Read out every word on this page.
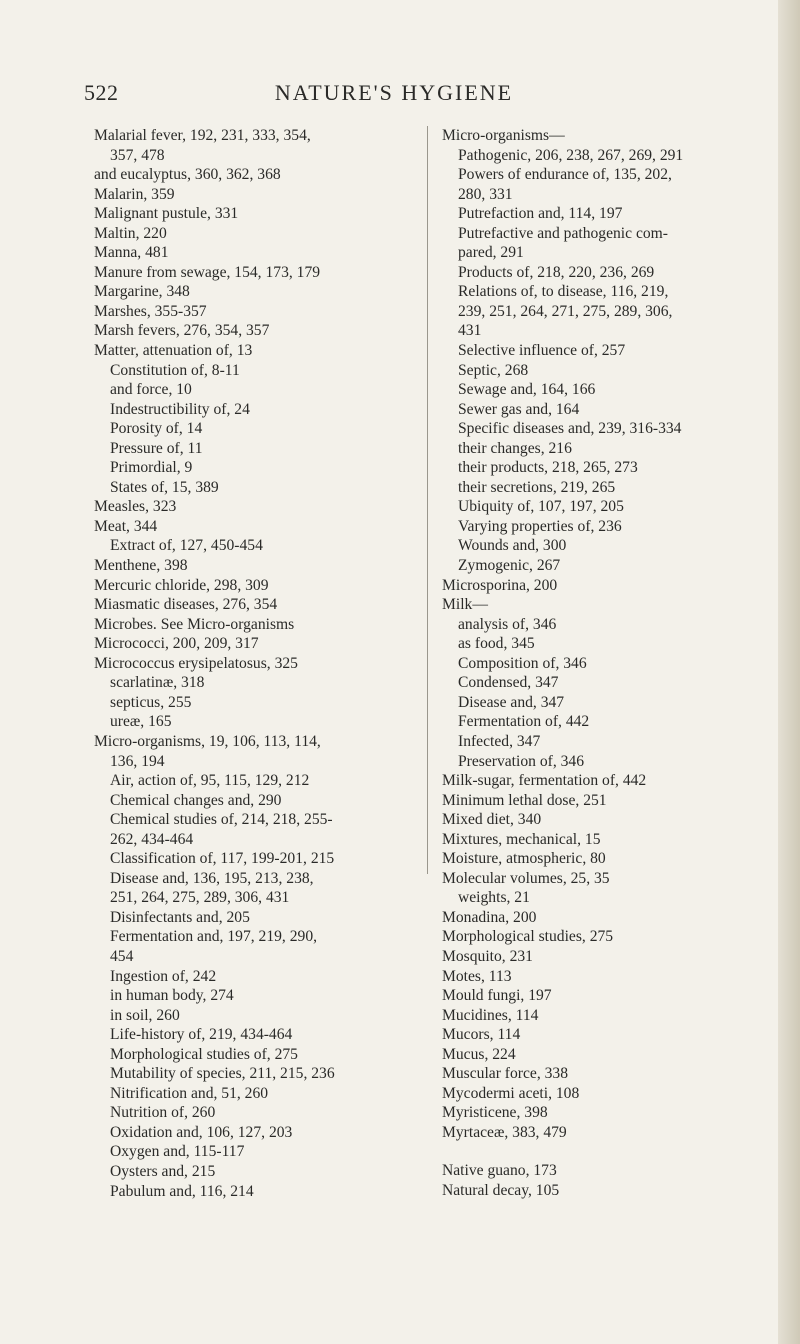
522	NATURE'S HYGIENE
Malarial fever, 192, 231, 333, 354,
357, 478
and eucalyptus, 360, 362, 368
Malarin, 359
Malignant pustule, 331
Maltin, 220
Manna, 481
Manure from sewage, 154, 173, 179
Margarine, 348
Marshes, 355-357
Marsh fevers, 276, 354, 357
Matter, attenuation of, 13
Constitution of, 8-11
and force, 10
Indestructibility of, 24
Porosity of, 14
Pressure of, 11
Primordial, 9
States of, 15, 389
Measles, 323
Meat, 344
Extract of, 127, 450-454
Menthene, 398
Mercuric chloride, 298, 309
Miasmatic diseases, 276, 354
Microbes. See Micro-organisms
Micrococci, 200, 209, 317
Micrococcus erysipelatosus, 325
scarlatinæ, 318
septicus, 255
ureæ, 165
Micro-organisms, 19, 106, 113, 114,
136, 194
Air, action of, 95, 115, 129, 212
Chemical changes and, 290
Chemical studies of, 214, 218, 255-
262, 434-464
Classification of, 117, 199-201, 215
Disease and, 136, 195, 213, 238,
251, 264, 275, 289, 306, 431
Disinfectants and, 205
Fermentation and, 197, 219, 290,
454
Ingestion of, 242
in human body, 274
in soil, 260
Life-history of, 219, 434-464
Morphological studies of, 275
Mutability of species, 211, 215, 236
Nitrification and, 51, 260
Nutrition of, 260
Oxidation and, 106, 127, 203
Oxygen and, 115-117
Oysters and, 215
Pabulum and, 116, 214
Micro-organisms—
Pathogenic, 206, 238, 267, 269, 291
Powers of endurance of, 135, 202,
280, 331
Putrefaction and, 114, 197
Putrefactive and pathogenic com-
pared, 291
Products of, 218, 220, 236, 269
Relations of, to disease, 116, 219,
239, 251, 264, 271, 275, 289, 306,
431
Selective influence of, 257
Septic, 268
Sewage and, 164, 166
Sewer gas and, 164
Specific diseases and, 239, 316-334
their changes, 216
their products, 218, 265, 273
their secretions, 219, 265
Ubiquity of, 107, 197, 205
Varying properties of, 236
Wounds and, 300
Zymogenic, 267
Microsporina, 200
Milk—
analysis of, 346
as food, 345
Composition of, 346
Condensed, 347
Disease and, 347
Fermentation of, 442
Infected, 347
Preservation of, 346
Milk-sugar, fermentation of, 442
Minimum lethal dose, 251
Mixed diet, 340
Mixtures, mechanical, 15
Moisture, atmospheric, 80
Molecular volumes, 25, 35
weights, 21
Monadina, 200
Morphological studies, 275
Mosquito, 231
Motes, 113
Mould fungi, 197
Mucidines, 114
Mucors, 114
Mucus, 224
Muscular force, 338
Mycodermi aceti, 108
Myristicene, 398
Myrtaceæ, 383, 479
Native guano, 173
Natural decay, 105
